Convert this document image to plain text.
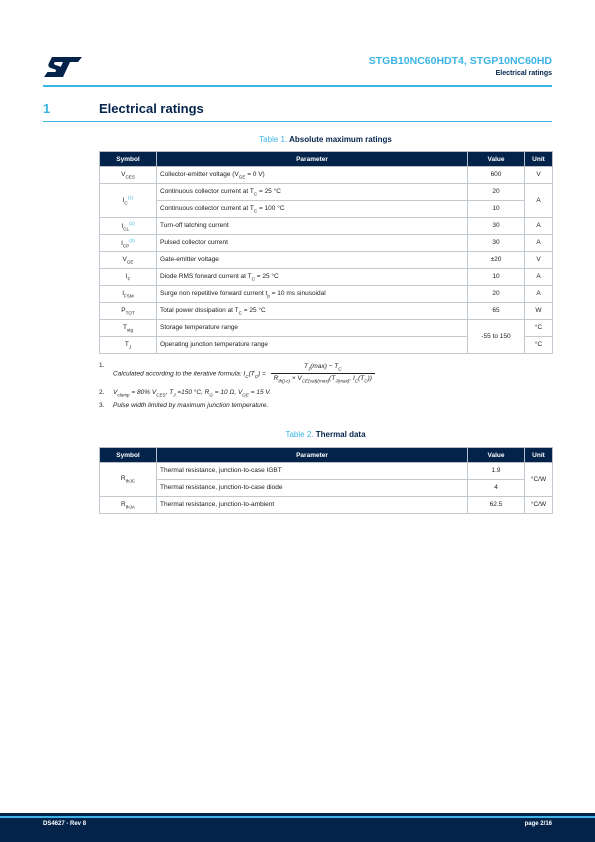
STGB10NC60HDT4, STGP10NC60HD
Electrical ratings
1	Electrical ratings
Table 1. Absolute maximum ratings
Symbol	Parameter	Value	Unit
$V_{CES}$	Collector-emitter voltage ($V_{GE} = 0$ V)	600	V
$I_C^{(1)}$	Continuous collector current at $T_C = 25$ °C	20	A
	Continuous collector current at $T_C = 100$ °C	10	
$I_{CL}^{(2)}$	Turn-off latching current	30	A
$I_{CP}^{(3)}$	Pulsed collector current	30	A
$V_{GE}$	Gate-emitter voltage	±20	V
$I_F$	Diode RMS forward current at $T_C = 25$ °C	10	A
$I_{FSM}$	Surge non repetitive forward current $t_p = 10$ ms sinusoidal	20	A
$P_{TOT}$	Total power dissipation at $T_C = 25$ °C	65	W
$T_{stg}$	Storage temperature range	-55 to 150	°C
$T_J$	Operating junction temperature range		°C
1.
Calculated according to the iterative formula: $I_C(T_C) = \frac{T_J(\max) - T_C}{R_{th(j-c)} \times V_{CE(sat)(max)}(T_{J(max)}, I_C(T_C))}$
2. $V_{clamp} = 80\%$ $V_{CES}$, $T_J =150$ °C, $R_G = 10$ Ω, $V_{GE} = 15$ V.
3. Pulse width limited by maximum junction temperature.
Table 2. Thermal data
Symbol	Parameter	Value	Unit
$R_{thJC}$	Thermal resistance, junction-to-case IGBT	1.9	°C/W
	Thermal resistance, junction-to-case diode	4	
$R_{thJA}$	Thermal resistance, junction-to-ambient	62.5	°C/W
DS4627 - Rev 8	page 2/16
